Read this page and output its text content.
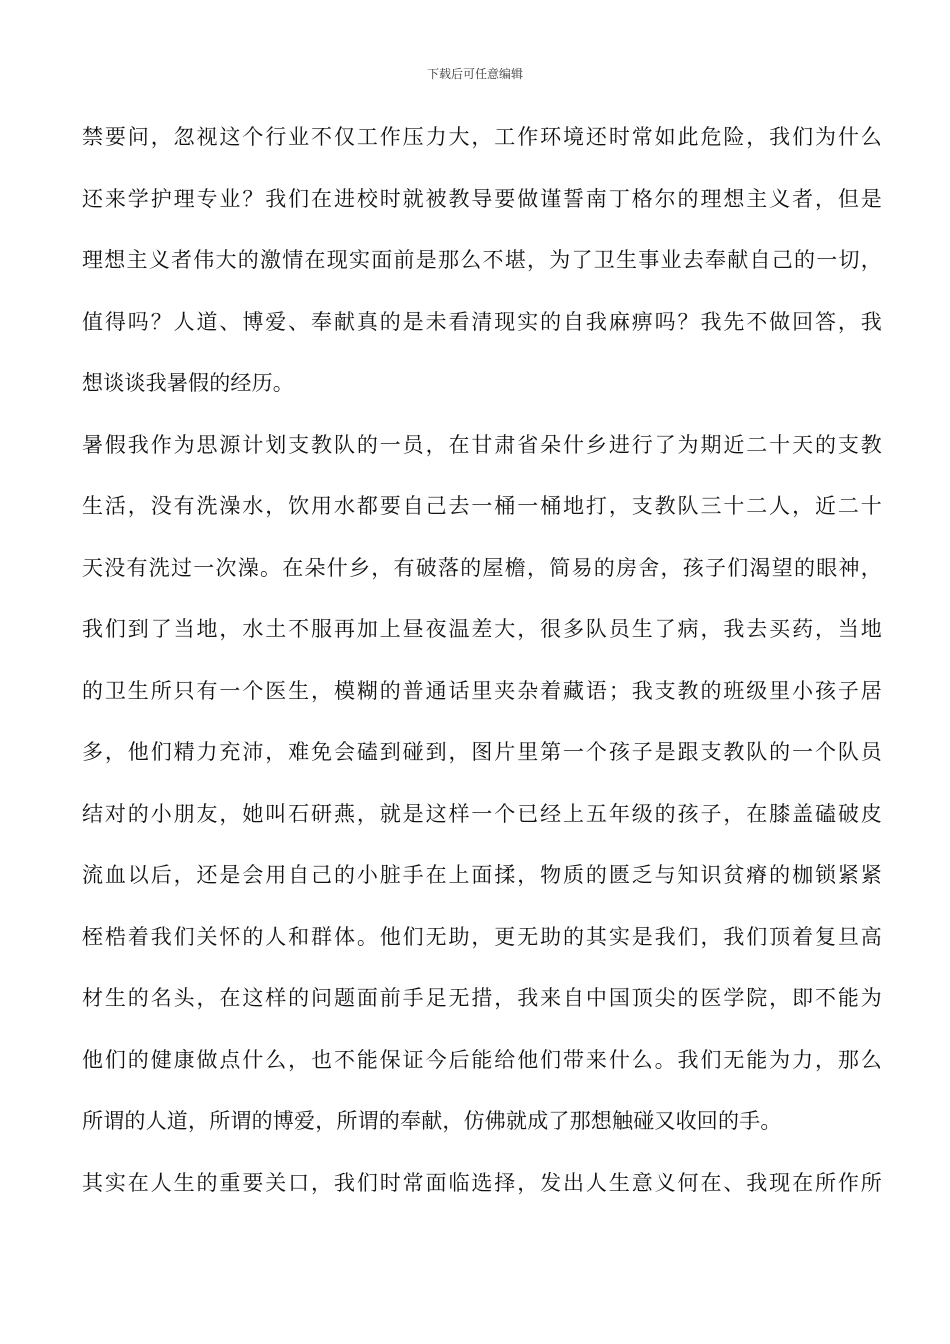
下载后可任意编辑
禁要问，忽视这个行业不仅工作压力大，工作环境还时常如此危险，我们为什么
还来学护理专业？我们在进校时就被教导要做谨誓南丁格尔的理想主义者，但是
理想主义者伟大的激情在现实面前是那么不堪，为了卫生事业去奉献自己的一切，
值得吗？人道、博爱、奉献真的是未看清现实的自我麻痹吗？我先不做回答，我
想谈谈我暑假的经历。
暑假我作为思源计划支教队的一员，在甘肃省朵什乡进行了为期近二十天的支教
生活，没有洗澡水，饮用水都要自己去一桶一桶地打，支教队三十二人，近二十
天没有洗过一次澡。在朵什乡，有破落的屋檐，简易的房舍，孩子们渴望的眼神，
我们到了当地，水土不服再加上昼夜温差大，很多队员生了病，我去买药，当地
的卫生所只有一个医生，模糊的普通话里夹杂着藏语；我支教的班级里小孩子居
多，他们精力充沛，难免会磕到碰到，图片里第一个孩子是跟支教队的一个队员
结对的小朋友，她叫石研燕，就是这样一个已经上五年级的孩子，在膝盖磕破皮
流血以后，还是会用自己的小脏手在上面揉，物质的匮乏与知识贫瘠的枷锁紧紧
桎梏着我们关怀的人和群体。他们无助，更无助的其实是我们，我们顶着复旦高
材生的名头，在这样的问题面前手足无措，我来自中国顶尖的医学院，即不能为
他们的健康做点什么，也不能保证今后能给他们带来什么。我们无能为力，那么
所谓的人道，所谓的博爱，所谓的奉献，仿佛就成了那想触碰又收回的手。
其实在人生的重要关口，我们时常面临选择，发出人生意义何在、我现在所作所
